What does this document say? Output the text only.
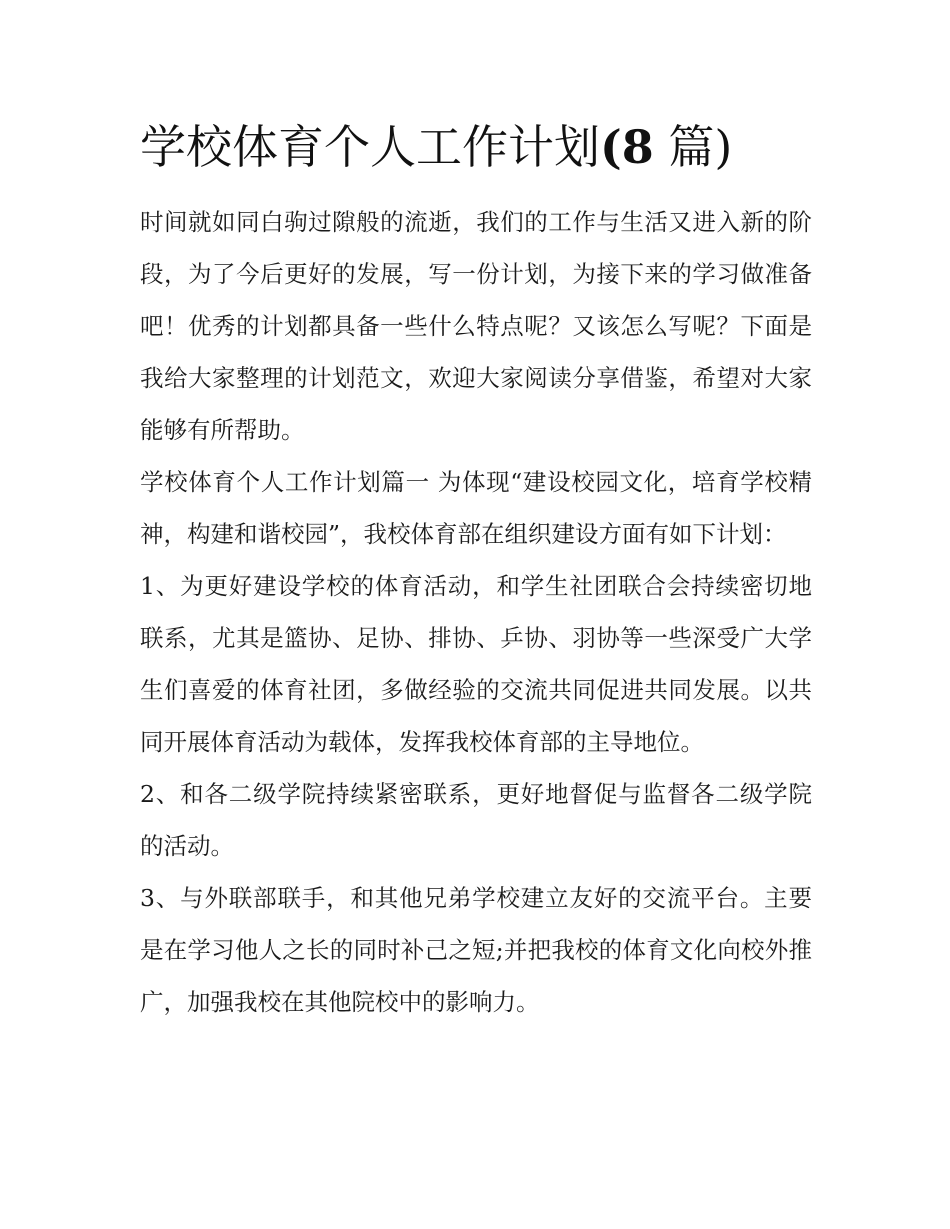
学校体育个人工作计划(8 篇)

时间就如同白驹过隙般的流逝，我们的工作与生活又进入新的阶段，为了今后更好的发展，写一份计划，为接下来的学习做准备吧！优秀的计划都具备一些什么特点呢？又该怎么写呢？下面是我给大家整理的计划范文，欢迎大家阅读分享借鉴，希望对大家能够有所帮助。

学校体育个人工作计划篇一 为体现“建设校园文化，培育学校精神，构建和谐校园”，我校体育部在组织建设方面有如下计划：

1、为更好建设学校的体育活动，和学生社团联合会持续密切地联系，尤其是篮协、足协、排协、乒协、羽协等一些深受广大学生们喜爱的体育社团，多做经验的交流共同促进共同发展。以共同开展体育活动为载体，发挥我校体育部的主导地位。

2、和各二级学院持续紧密联系，更好地督促与监督各二级学院的活动。

3、与外联部联手，和其他兄弟学校建立友好的交流平台。主要是在学习他人之长的同时补己之短;并把我校的体育文化向校外推广，加强我校在其他院校中的影响力。
